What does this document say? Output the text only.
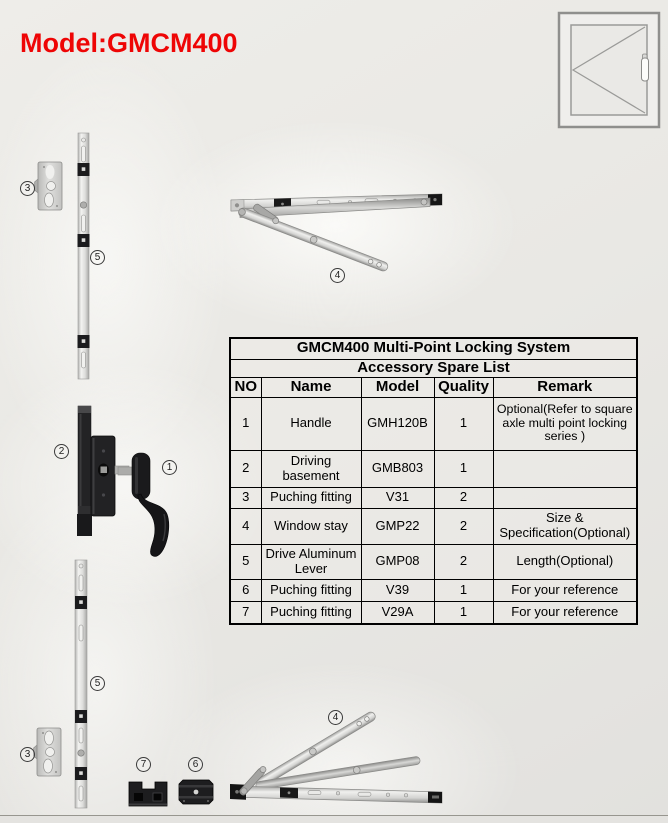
Model:GMCM400
3
5
2
1
4
5
3
4
7	6
GMCM400 Multi-Point Locking System				
Accessory Spare List				
NO	Name	Model	Quality	Remark
1	Handle	GMH120B	1	Optional(Refer to square axle multi point locking series )
2	Driving basement	GMB803	1	
3	Puching fitting	V31	2	
4	Window stay	GMP22	2	Size & Specification(Optional)
5	Drive Aluminum Lever	GMP08	2	Length(Optional)
6	Puching fitting	V39	1	For your reference
7	Puching fitting	V29A	1	For your reference
